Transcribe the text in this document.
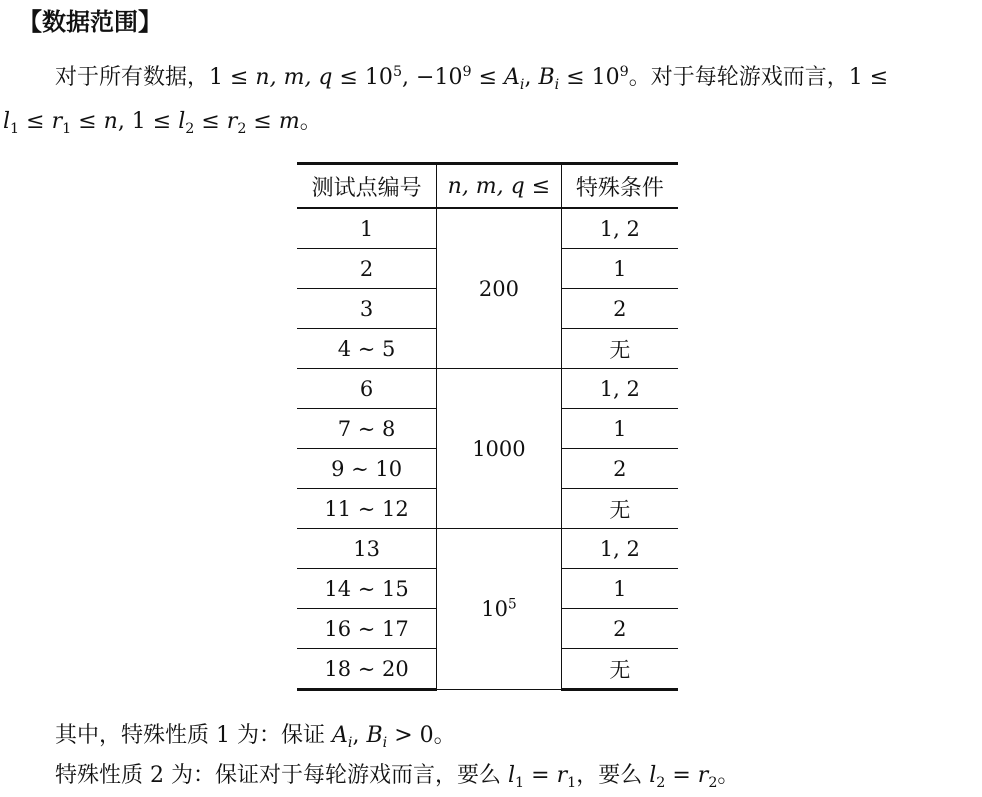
【数据范围】
对于所有数据，1 ≤ n, m, $q \le 10^5$, $-10^9 \le A_i$, $B_i \le 10^9$。对于每轮游戏而言，1 ≤
$l_1 \le r_1 \le n$, $1 \le l_2 \le r_2 \le m$。
测试点编号	n, m, q ≤	特殊条件
1	200	1, 2
2		1
3		2
4 ∼ 5		无
6	1000	1, 2
7 ∼ 8		1
9 ∼ 10		2
11 ∼ 12		无
13	$10^5$	1, 2
14 ∼ 15		1
16 ∼ 17		2
18 ∼ 20		无
其中，特殊性质 1 为：保证 $A_i$, $B_i > 0$。
特殊性质 2 为：保证对于每轮游戏而言，要么 $l_1 = r_1$，要么 $l_2 = r_2$。
